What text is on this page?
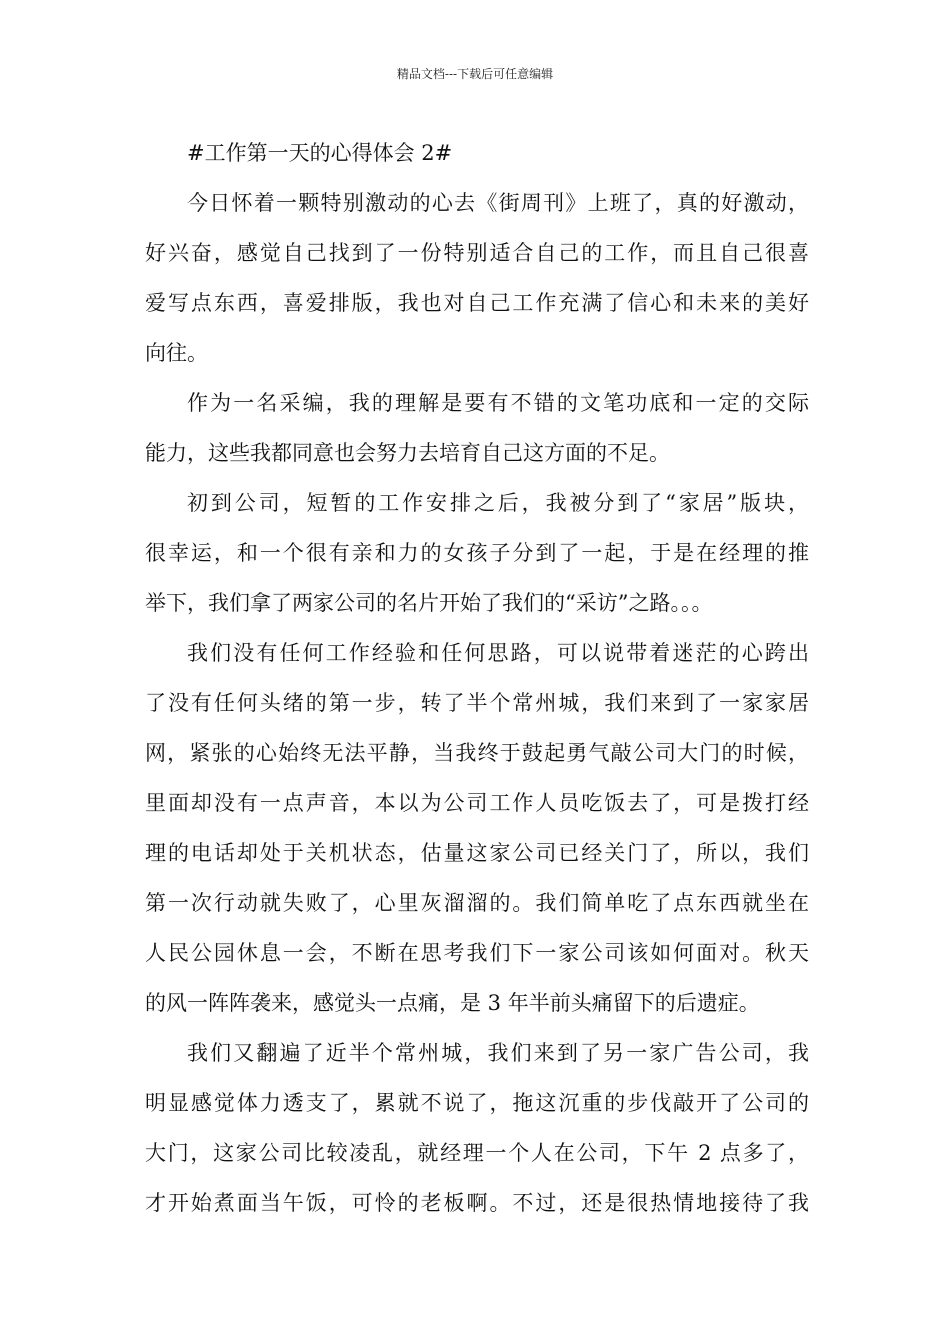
精品文档---下载后可任意编辑
#工作第一天的心得体会 2#
今日怀着一颗特别激动的心去《街周刊》上班了，真的好激动，
好兴奋，感觉自己找到了一份特别适合自己的工作，而且自己很喜
爱写点东西，喜爱排版，我也对自己工作充满了信心和未来的美好
向往。
作为一名采编，我的理解是要有不错的文笔功底和一定的交际
能力，这些我都同意也会努力去培育自己这方面的不足。
初到公司，短暂的工作安排之后，我被分到了“家居”版块，
很幸运，和一个很有亲和力的女孩子分到了一起，于是在经理的推
举下，我们拿了两家公司的名片开始了我们的“采访”之路。。。
我们没有任何工作经验和任何思路，可以说带着迷茫的心跨出
了没有任何头绪的第一步，转了半个常州城，我们来到了一家家居
网，紧张的心始终无法平静，当我终于鼓起勇气敲公司大门的时候，
里面却没有一点声音，本以为公司工作人员吃饭去了，可是拨打经
理的电话却处于关机状态，估量这家公司已经关门了，所以，我们
第一次行动就失败了，心里灰溜溜的。我们简单吃了点东西就坐在
人民公园休息一会，不断在思考我们下一家公司该如何面对。秋天
的风一阵阵袭来，感觉头一点痛，是 3 年半前头痛留下的后遗症。
我们又翻遍了近半个常州城，我们来到了另一家广告公司，我
明显感觉体力透支了，累就不说了，拖这沉重的步伐敲开了公司的
大门，这家公司比较凌乱，就经理一个人在公司，下午 2 点多了，
才开始煮面当午饭，可怜的老板啊。不过，还是很热情地接待了我
